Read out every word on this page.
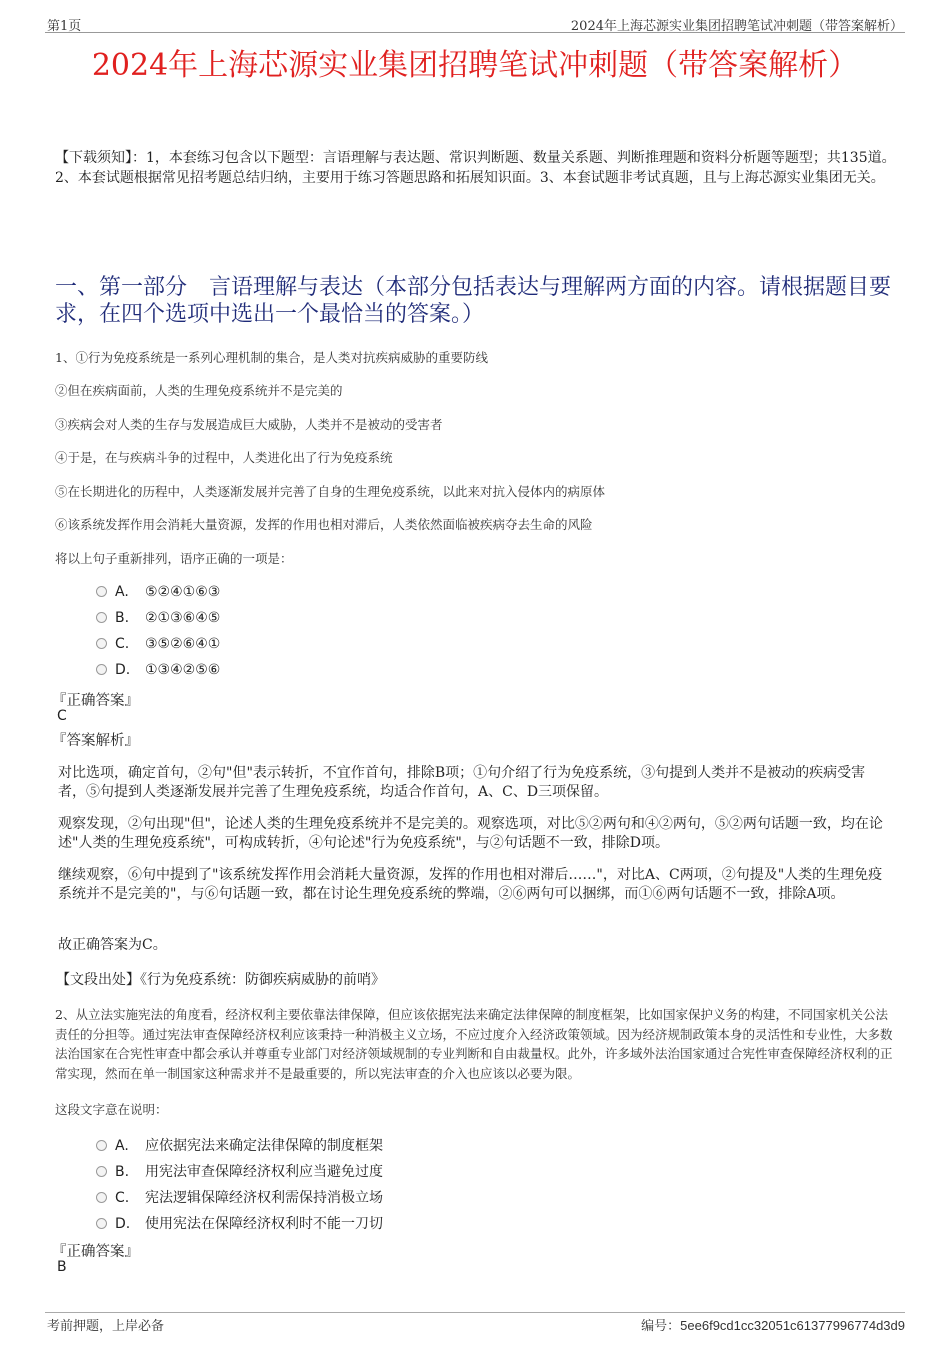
第1页	2024年上海芯源实业集团招聘笔试冲刺题（带答案解析）
2024年上海芯源实业集团招聘笔试冲刺题（带答案解析）
【下载须知】：1，本套练习包含以下题型：言语理解与表达题、常识判断题、数量关系题、判断推理题和资料分析题等题型；共135道。2、本套试题根据常见招考题总结归纳，主要用于练习答题思路和拓展知识面。3、本套试题非考试真题，且与上海芯源实业集团无关。
一、第一部分　言语理解与表达（本部分包括表达与理解两方面的内容。请根据题目要求，在四个选项中选出一个最恰当的答案。）
1、①行为免疫系统是一系列心理机制的集合，是人类对抗疾病威胁的重要防线
②但在疾病面前，人类的生理免疫系统并不是完美的
③疾病会对人类的生存与发展造成巨大威胁，人类并不是被动的受害者
④于是，在与疾病斗争的过程中，人类进化出了行为免疫系统
⑤在长期进化的历程中，人类逐渐发展并完善了自身的生理免疫系统，以此来对抗入侵体内的病原体
⑥该系统发挥作用会消耗大量资源，发挥的作用也相对滞后，人类依然面临被疾病夺去生命的风险
将以上句子重新排列，语序正确的一项是：
A. ⑤②④①⑥③
B. ②①③⑥④⑤
C. ③⑤②⑥④①
D. ①③④②⑤⑥
『正确答案』
C
『答案解析』
对比选项，确定首句，②句"但"表示转折，不宜作首句，排除B项；①句介绍了行为免疫系统，③句提到人类并不是被动的疾病受害者，⑤句提到人类逐渐发展并完善了生理免疫系统，均适合作首句，A、C、D三项保留。
观察发现，②句出现"但"，论述人类的生理免疫系统并不是完美的。观察选项，对比⑤②两句和④②两句，⑤②两句话题一致，均在论述"人类的生理免疫系统"，可构成转折，④句论述"行为免疫系统"，与②句话题不一致，排除D项。
继续观察，⑥句中提到了"该系统发挥作用会消耗大量资源，发挥的作用也相对滞后……"，对比A、C两项，②句提及"人类的生理免疫系统并不是完美的"，与⑥句话题一致，都在讨论生理免疫系统的弊端，②⑥两句可以捆绑，而①⑥两句话题不一致，排除A项。
故正确答案为C。
【文段出处】《行为免疫系统：防御疾病威胁的前哨》
2、从立法实施宪法的角度看，经济权利主要依靠法律保障，但应该依据宪法来确定法律保障的制度框架，比如国家保护义务的构建，不同国家机关公法责任的分担等。通过宪法审查保障经济权利应该秉持一种消极主义立场，不应过度介入经济政策领域。因为经济规制政策本身的灵活性和专业性，大多数法治国家在合宪性审查中都会承认并尊重专业部门对经济领域规制的专业判断和自由裁量权。此外，许多域外法治国家通过合宪性审查保障经济权利的正常实现，然而在单一制国家这种需求并不是最重要的，所以宪法审查的介入也应该以必要为限。
这段文字意在说明：
A. 应依据宪法来确定法律保障的制度框架
B. 用宪法审查保障经济权利应当避免过度
C. 宪法逻辑保障经济权利需保持消极立场
D. 使用宪法在保障经济权利时不能一刀切
『正确答案』
B
考前押题，上岸必备	编号：5ee6f9cd1cc32051c61377996774d3d9
